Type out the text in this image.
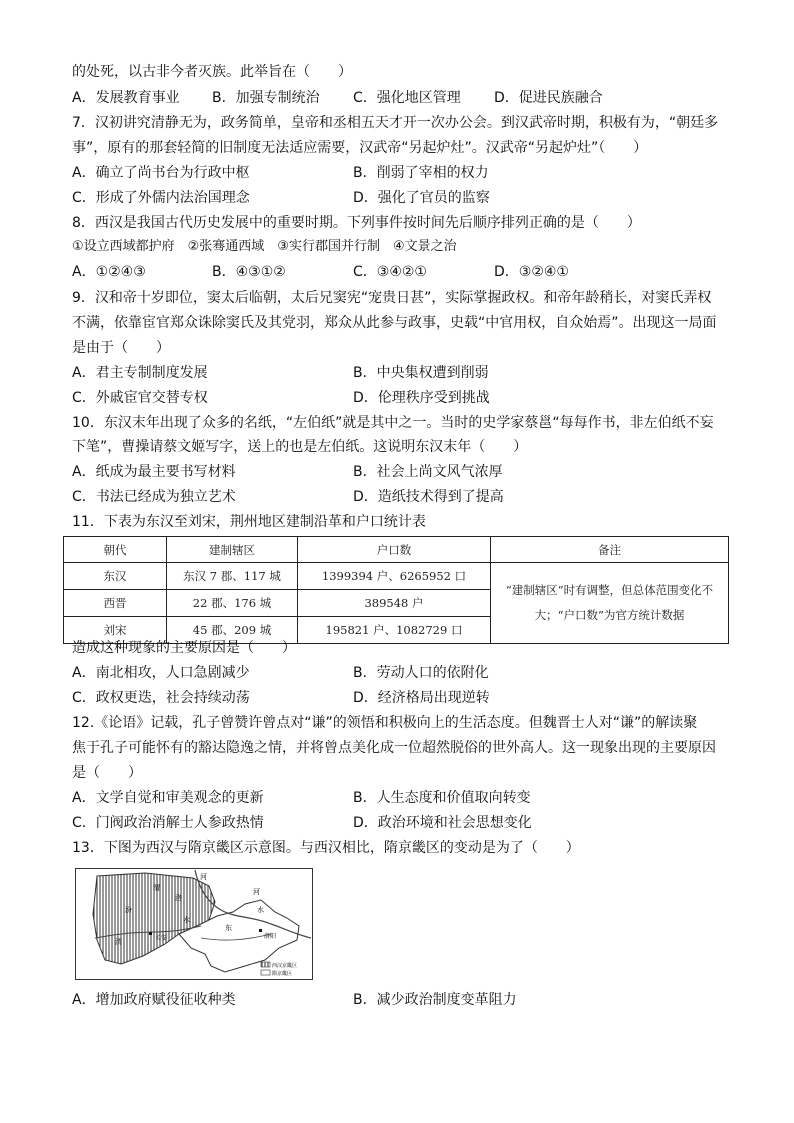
的处死，以古非今者灭族。此举旨在（　　）
A．发展教育事业 B．加强专制统治 C．强化地区管理 D．促进民族融合
7．汉初讲究清静无为，政务简单，皇帝和丞相五天才开一次办公会。到汉武帝时期，积极有为，“朝廷多
事”，原有的那套轻简的旧制度无法适应需要，汉武帝“另起炉灶”。汉武帝“另起炉灶”（　　）
A．确立了尚书台为行政中枢	B．削弱了宰相的权力
C．形成了外儒内法治国理念	D．强化了官员的监察
8．西汉是我国古代历史发展中的重要时期。下列事件按时间先后顺序排列正确的是（　　）
①设立西域都护府　②张骞通西域　③实行郡国并行制　④文景之治
A．①②④③	B．④③①②	C．③④②①	D．③②④①
9．汉和帝十岁即位，窦太后临朝，太后兄窦宪“宠贵日甚”，实际掌握政权。和帝年龄稍长，对窦氏弄权
不满，依靠宦官郑众诛除窦氏及其党羽，郑众从此参与政事，史载“中官用权，自众始焉”。出现这一局面
是由于（　　）
A．君主专制制度发展	B．中央集权遭到削弱
C．外戚宦官交替专权	D．伦理秩序受到挑战
10．东汉末年出现了众多的名纸，“左伯纸”就是其中之一。当时的史学家蔡邕“每每作书，非左伯纸不妄
下笔”，曹操请蔡文姬写字，送上的也是左伯纸。这说明东汉末年（　　）
A．纸成为最主要书写材料	B．社会上尚文风气浓厚
C．书法已经成为独立艺术	D．造纸技术得到了提高
11．下表为东汉至刘宋，荆州地区建制沿革和户口统计表
朝代	建制辖区	户口数	备注
东汉	东汉 7 郡、117 城	1399394 户、6265952 口	“建制辖区”时有调整，但总体范围变化不大；“户口数”为官方统计数据
西晋	22 郡、176 城	389548 户	
刘宋	45 郡、209 城	195821 户、1082729 口	
造成这种现象的主要原因是（　　）
A．南北相攻，人口急剧减少	B．劳动人口的依附化
C．政权更迭，社会持续动荡	D．经济格局出现逆转
12.《论语》记载，孔子曾赞许曾点对“谦”的领悟和积极向上的生活态度。但魏晋士人对“谦”的解读聚
焦于孔子可能怀有的豁达隐逸之情，并将曾点美化成一位超然脱俗的世外高人。这一现象出现的主要原因
是（　　）
A．文学自觉和审美观念的更新	B．人生态度和价值取向转变
C．门阀政治消解士人参政热情	D．政治环境和社会思想变化
13．下图为西汉与隋京畿区示意图。与西汉相比，隋京畿区的变动是为了（　　）
长安	洛阳
河
河
水
渭
渭
洛
汾
东
水
西汉京畿区
隋京畿区
A．增加政府赋役征收种类	B．减少政治制度变革阻力
